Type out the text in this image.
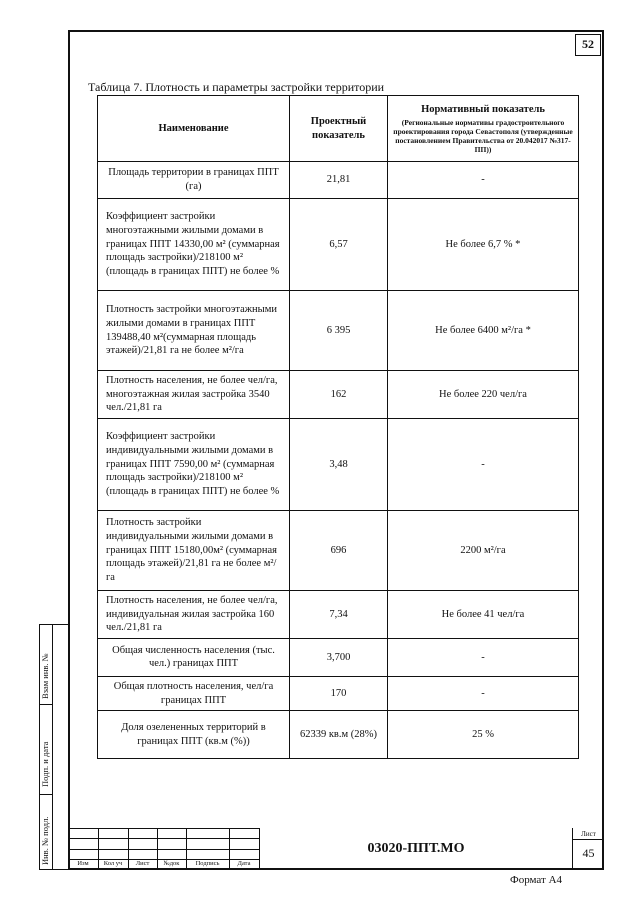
52
Таблица 7. Плотность и параметры застройки территории
Наименование	Проектный показатель	Нормативный показатель
(Региональные нормативы градостроительного проектирования города Севастополя (утвержденные постановлением Правительства от 20.042017 №317-ПП))

Площадь территории в границах ППТ (га)	21,81	-
Коэффициент застройки многоэтажными жилыми домами в границах ППТ 14330,00 м² (суммарная площадь застройки)/218100 м² (площадь в границах ППТ) не более %	6,57	Не более 6,7 % *
Плотность застройки многоэтажными жилыми домами в границах ППТ 139488,40 м²(суммарная площадь этажей)/21,81 га не более м²/га	6 395	Не более 6400 м²/га *
Плотность населения, не более чел/га, многоэтажная жилая застройка 3540 чел./21,81 га	162	Не более 220 чел/га
Коэффициент застройки индивидуальными жилыми домами в границах ППТ 7590,00 м² (суммарная площадь застройки)/218100 м² (площадь в границах ППТ) не более %	3,48	-
Плотность застройки индивидуальными жилыми домами в границах ППТ 15180,00м² (суммарная площадь этажей)/21,81 га не более м²/га	696	2200 м²/га
Плотность населения, не более чел/га, индивидуальная жилая застройка 160 чел./21,81 га	7,34	Не более 41 чел/га
Общая численность населения (тыс. чел.) границах ППТ	3,700	-
Общая плотность населения, чел/га границах ППТ	170	-
Доля озелененных территорий в границах ППТ (кв.м (%))	62339 кв.м (28%)	25 %
Взам инв. №
Подп. и дата
Инв. № подл.	Изм	Кол уч	Лист	№док	Подпись	Дата
03020-ППТ.МО
Лист
45
Формат А4
